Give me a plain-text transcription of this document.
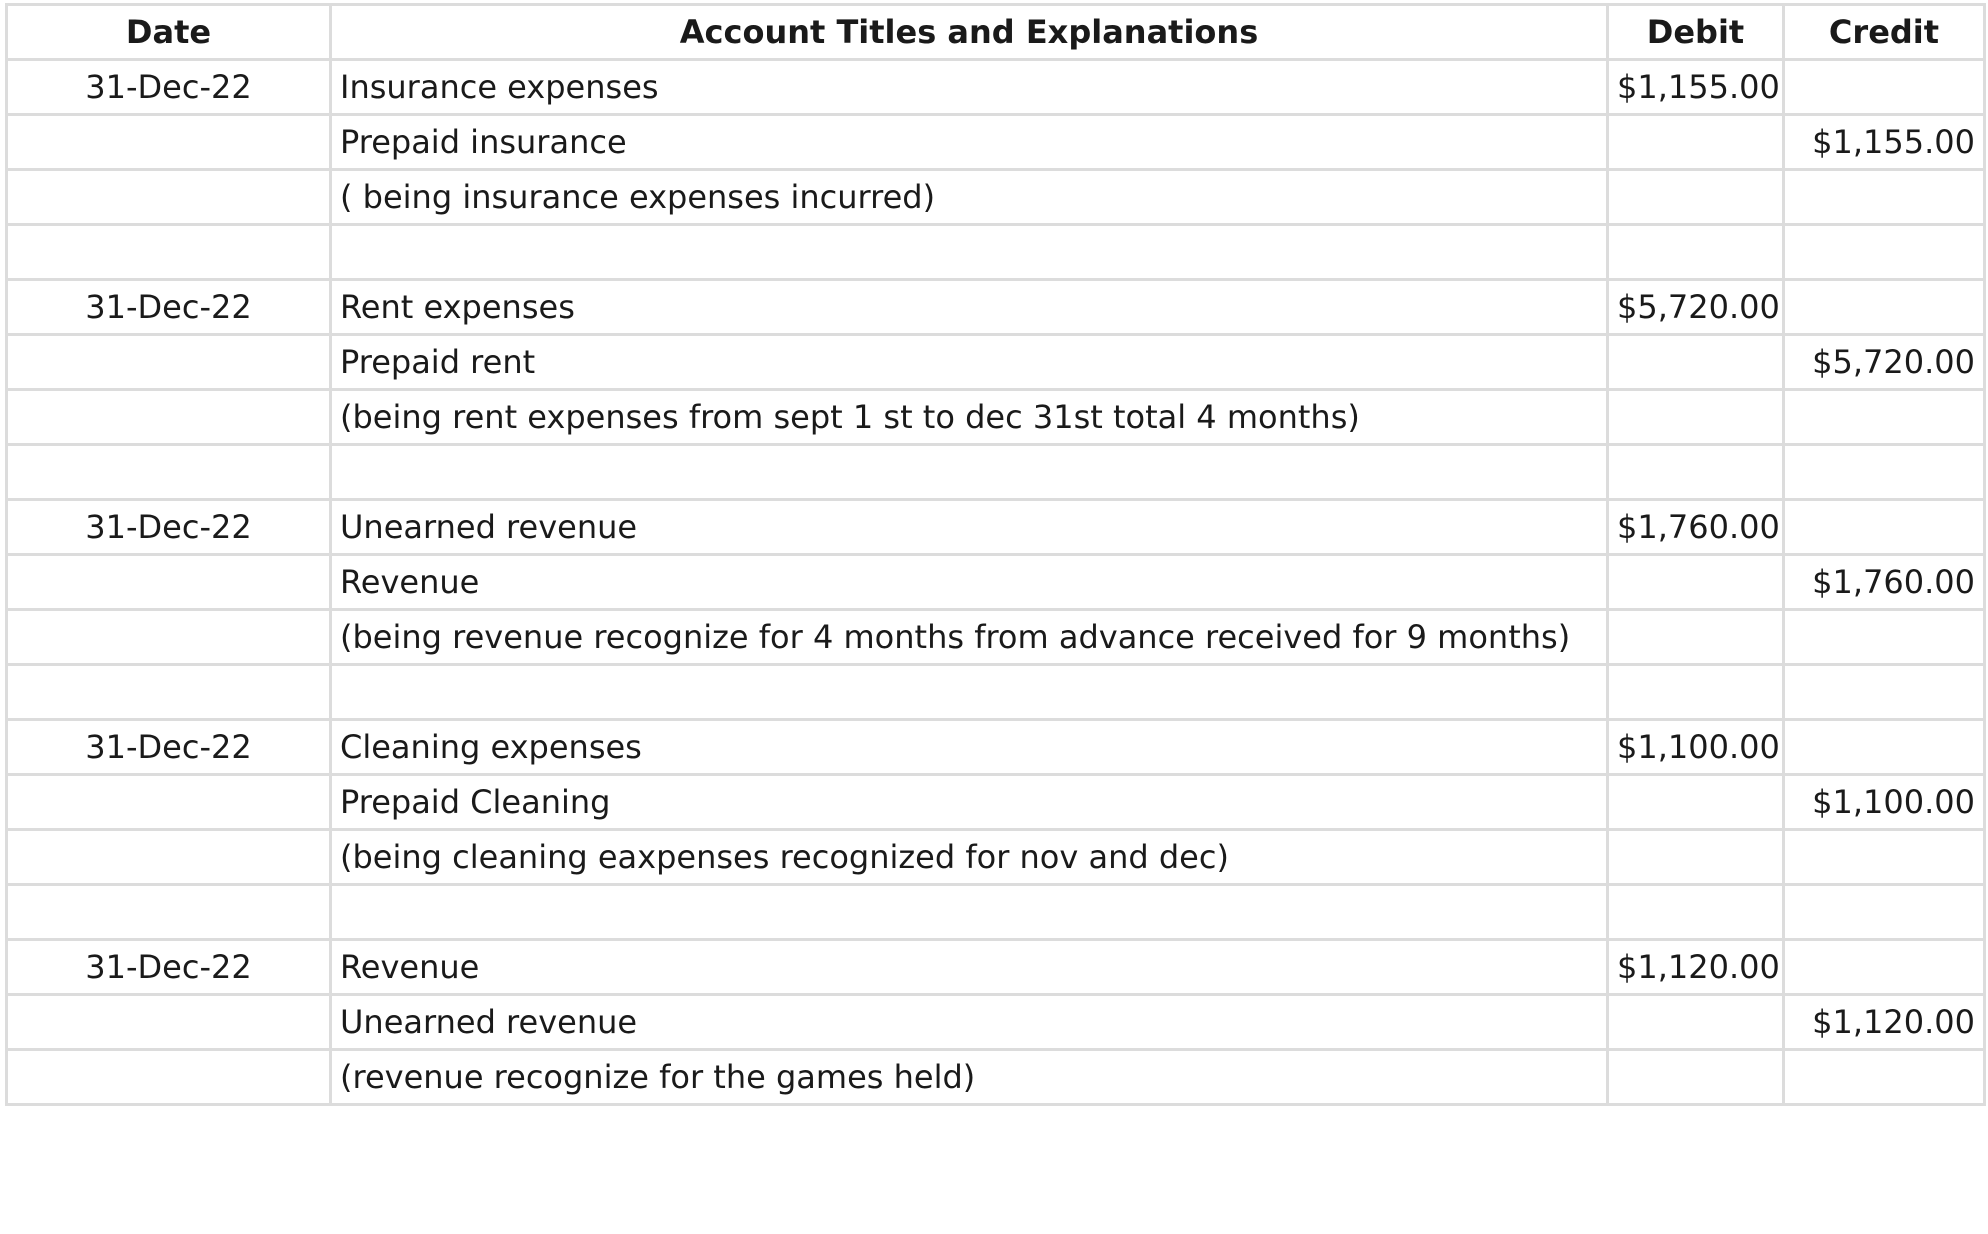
Date	Account Titles and Explanations	Debit	Credit
31-Dec-22	Insurance expenses	$1,155.00	
	Prepaid insurance		$1,155.00
	( being insurance expenses incurred)		

31-Dec-22	Rent expenses	$5,720.00	
	Prepaid rent		$5,720.00
	(being rent expenses from sept 1 st to dec 31st total 4 months)		

31-Dec-22	Unearned revenue	$1,760.00	
	Revenue		$1,760.00
	(being revenue recognize for 4 months from advance received for 9 months)		

31-Dec-22	Cleaning expenses	$1,100.00	
	Prepaid Cleaning		$1,100.00
	(being cleaning eaxpenses recognized for nov and dec)		

31-Dec-22	Revenue	$1,120.00	
	Unearned revenue		$1,120.00
	(revenue recognize for the games held)		
